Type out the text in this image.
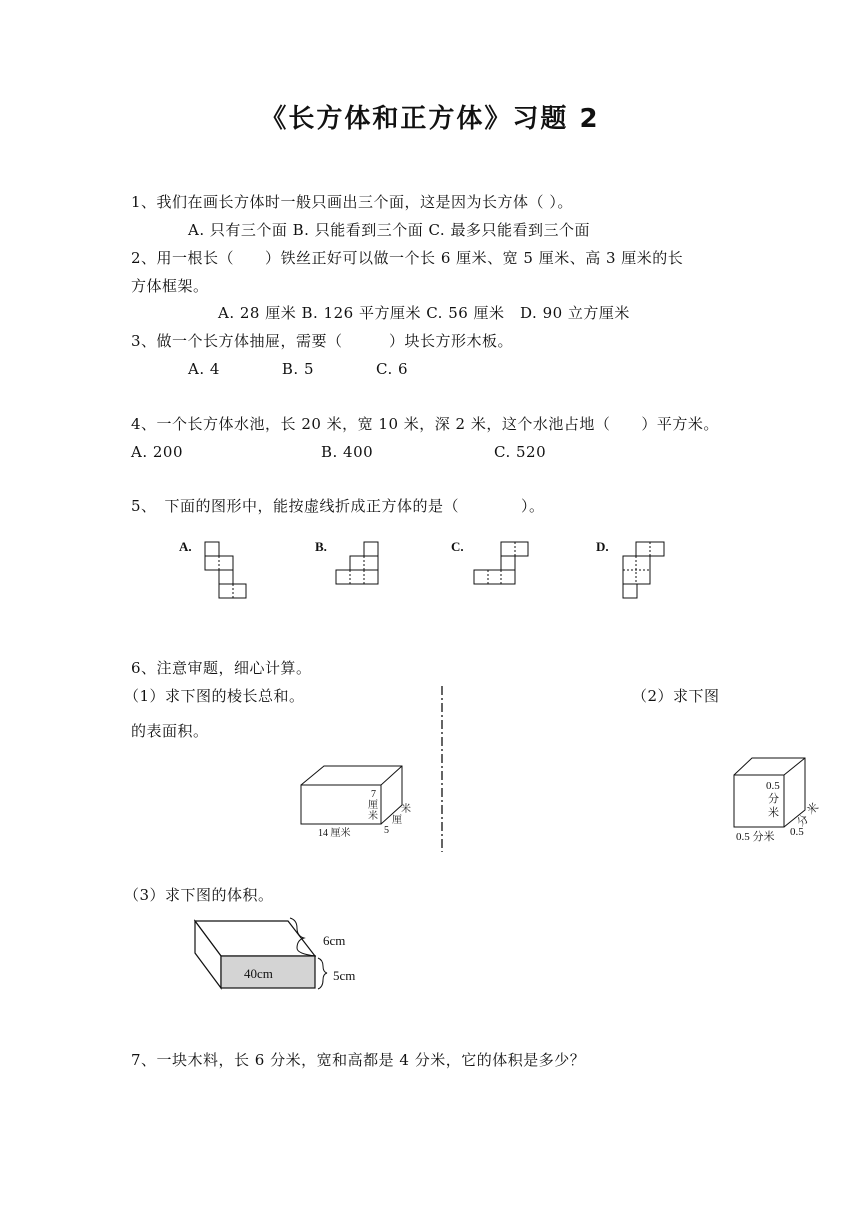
《长方体和正方体》习题 2
1、我们在画长方体时一般只画出三个面，这是因为长方体（ ）。
A. 只有三个面 B. 只能看到三个面 C. 最多只能看到三个面
2、用一根长（　　）铁丝正好可以做一个长 6 厘米、宽 5 厘米、高 3 厘米的长
方体框架。
A. 28 厘米 B. 126 平方厘米 C. 56 厘米　D. 90 立方厘米
3、做一个长方体抽屉，需要（　　　）块长方形木板。
A. 4　　　　B. 5　　　　C. 6
4、一个长方体水池，长 20 米，宽 10 米，深 2 米，这个水池占地（　　）平方米。
A. 200	B. 400	C. 520
5、　下面的图形中，能按虚线折成正方体的是（　　　　）。
A.	B.	C.	D.
6、注意审题，细心计算。
（1）求下图的棱长总和。	（2）求下图
的表面积。
7
厘
米
14 厘米
米
厘
5
0.5
分
米
0.5 分米
米
分
0.5
40cm
6cm
5cm
（3）求下图的体积。
7、一块木料，长 6 分米，宽和高都是 4 分米，它的体积是多少？
